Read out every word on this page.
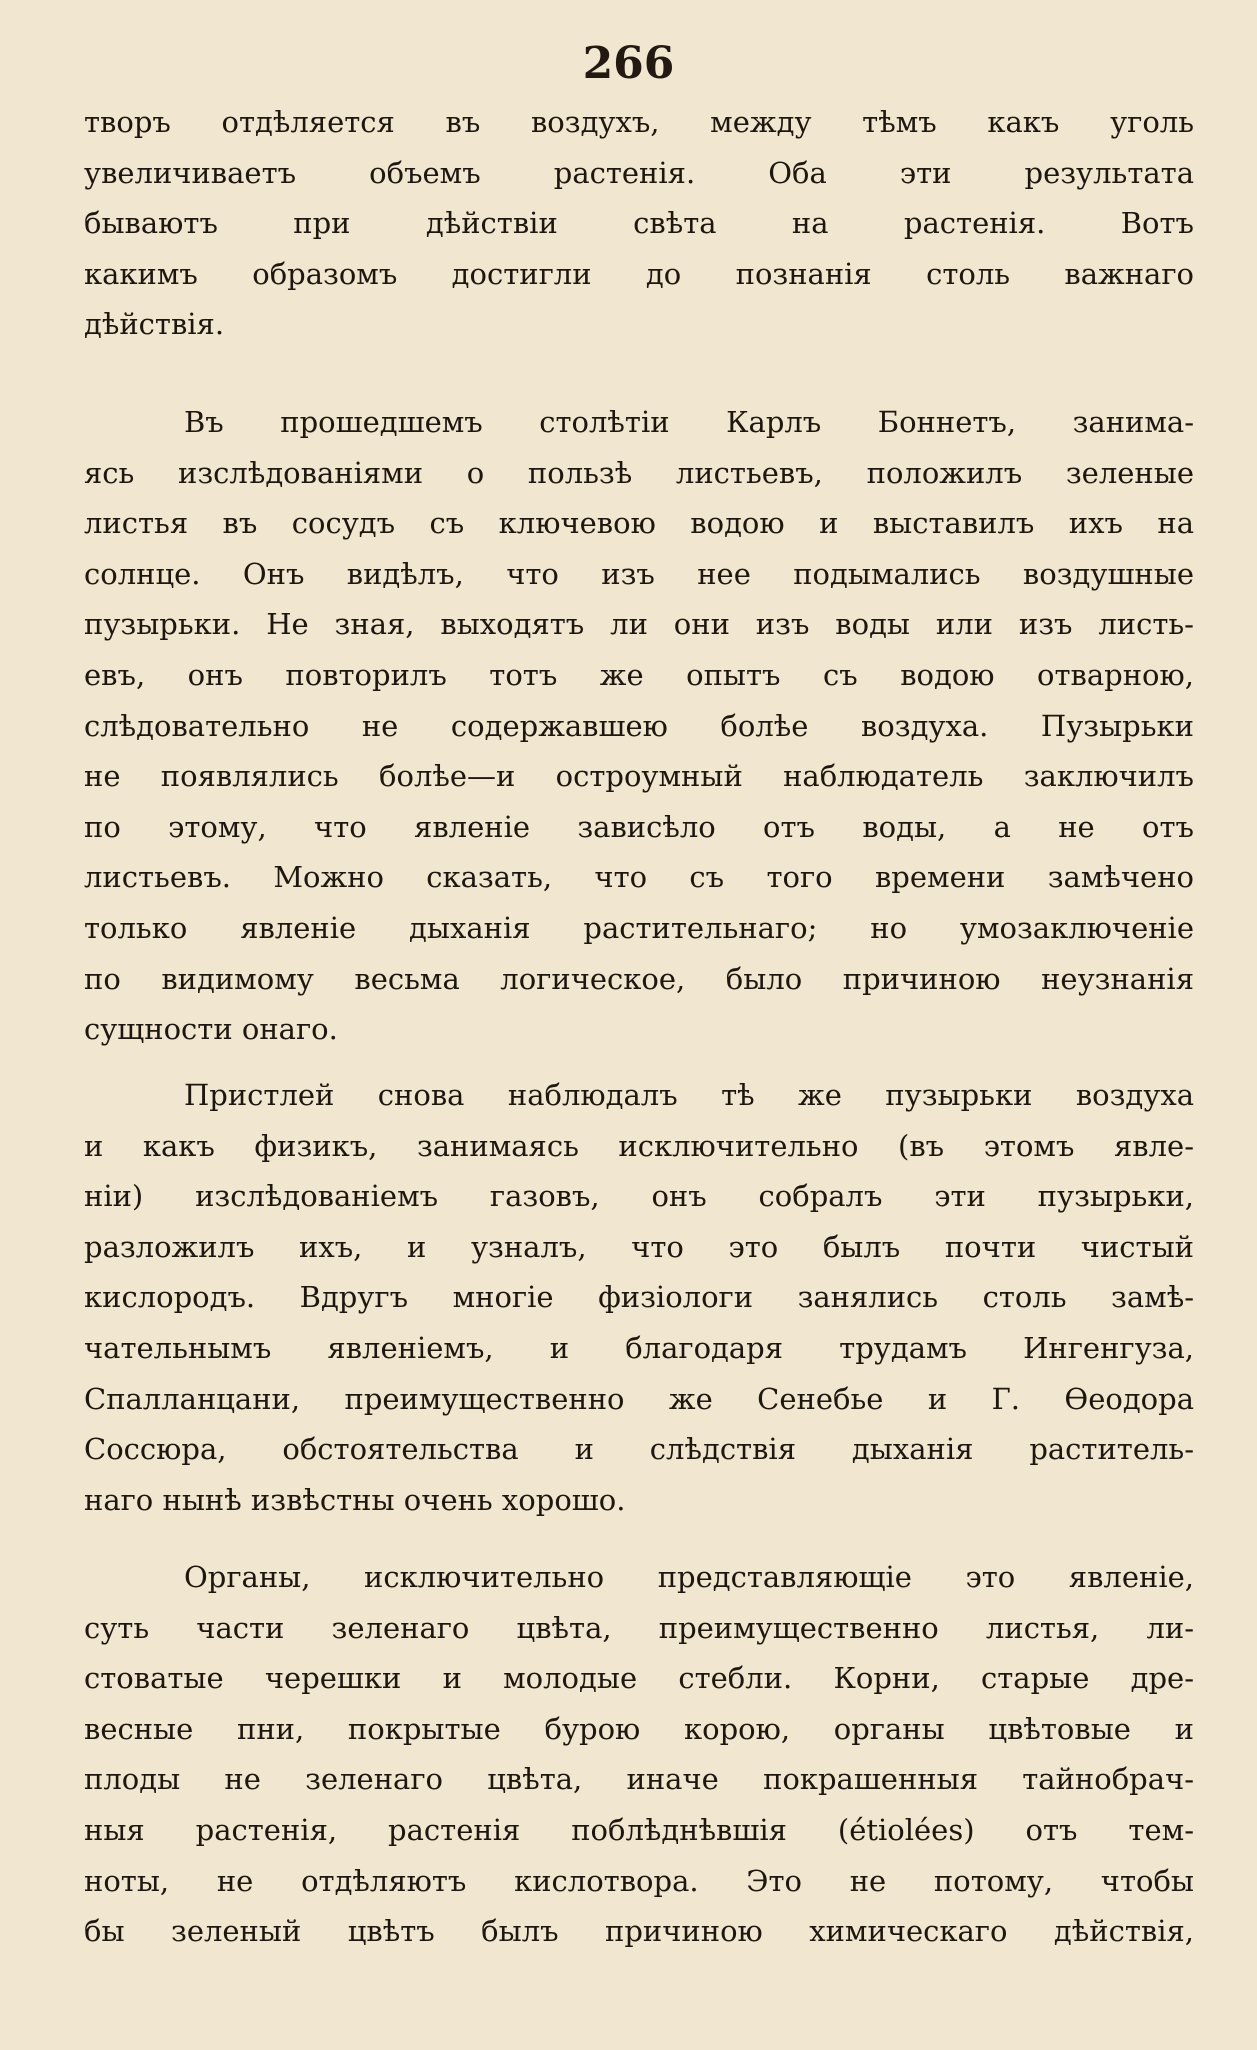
266
творъ отдѣляется въ воздухъ, между тѣмъ какъ уголь
увеличиваетъ объемъ растенія. Оба эти результата
бываютъ при дѣйствіи свѣта на растенія. Вотъ
какимъ образомъ достигли до познанія столь важнаго
дѣйствія.
Въ прошедшемъ столѣтіи Карлъ Боннетъ, занима-
ясь изслѣдованіями о пользѣ листьевъ, положилъ зеленые
листья въ сосудъ съ ключевою водою и выставилъ ихъ на
солнце. Онъ видѣлъ, что изъ нее подымались воздушные
пузырьки. Не зная, выходятъ ли они изъ воды или изъ листь-
евъ, онъ повторилъ тотъ же опытъ съ водою отварною,
слѣдовательно не содержавшею болѣе воздуха. Пузырьки
не появлялись болѣе—и остроумный наблюдатель заключилъ
по этому, что явленіе зависѣло отъ воды, а не отъ
листьевъ. Можно сказать, что съ того времени замѣчено
только явленіе дыханія растительнаго; но умозаключеніе
по видимому весьма логическое, было причиною неузнанія
сущности онаго.
Пристлей снова наблюдалъ тѣ же пузырьки воздуха
и какъ физикъ, занимаясь исключительно (въ этомъ явле-
ніи) изслѣдованіемъ газовъ, онъ собралъ эти пузырьки,
разложилъ ихъ, и узналъ, что это былъ почти чистый
кислородъ. Вдругъ многіе физіологи занялись столь замѣ-
чательнымъ явленіемъ, и благодаря трудамъ Ингенгуза,
Спалланцани, преимущественно же Сенебье и Г. Ѳеодора
Соссюра, обстоятельства и слѣдствія дыханія раститель-
наго нынѣ извѣстны очень хорошо.
Органы, исключительно представляющіе это явленіе,
суть части зеленаго цвѣта, преимущественно листья, ли-
стоватые черешки и молодые стебли. Корни, старые дре-
весные пни, покрытые бурою корою, органы цвѣтовые и
плоды не зеленаго цвѣта, иначе покрашенныя тайнобрач-
ныя растенія, растенія поблѣднѣвшія (étiolées) отъ тем-
ноты, не отдѣляютъ кислотвора. Это не потому, чтобы
бы зеленый цвѣтъ былъ причиною химическаго дѣйствія,
